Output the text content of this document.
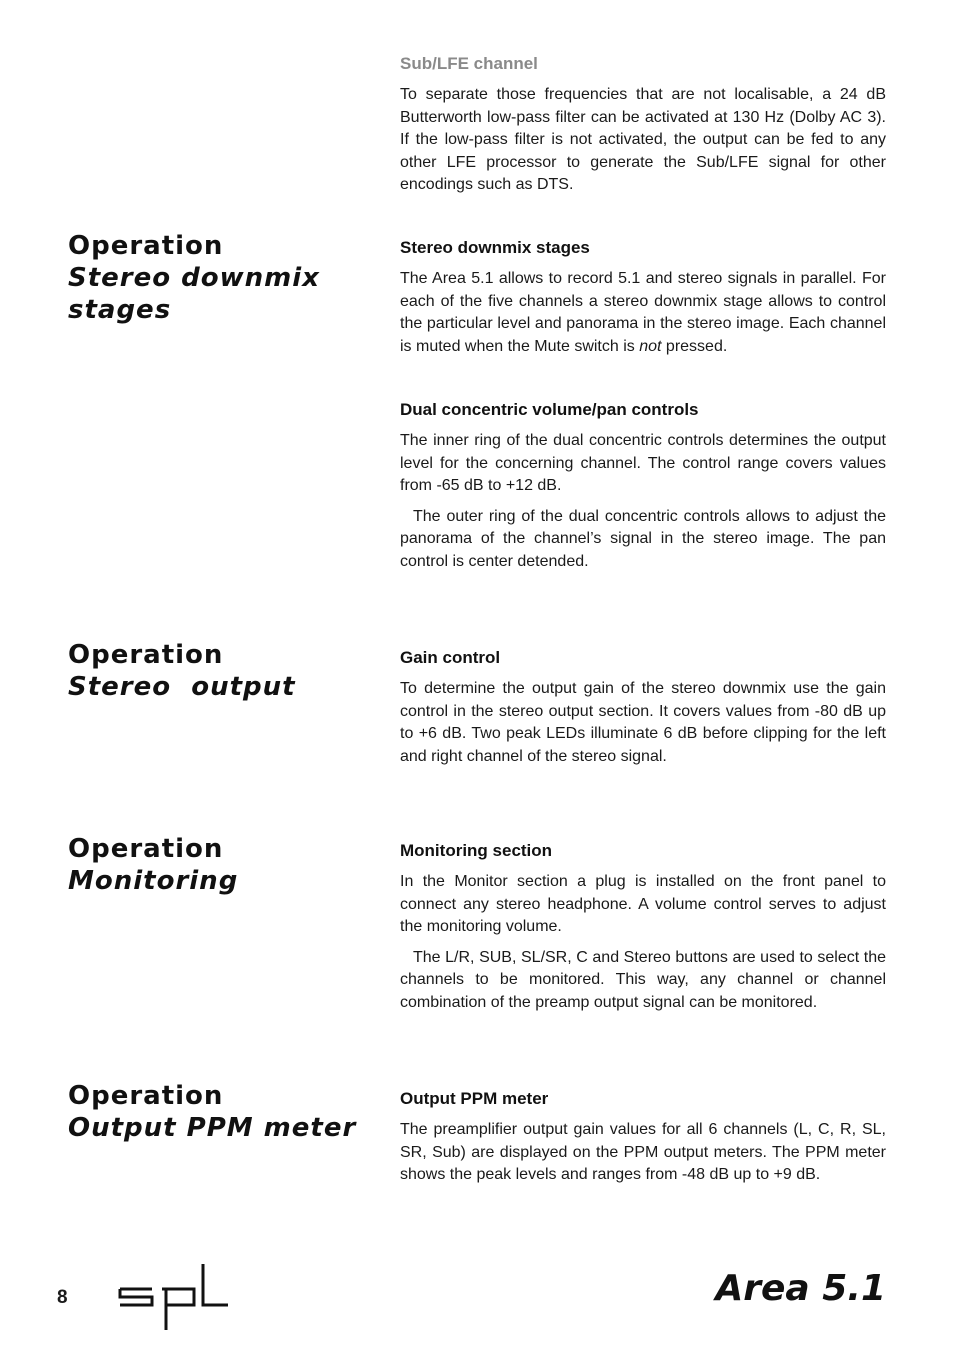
Sub/LFE channel

To separate those frequencies that are not localisable, a 24 dB Butterworth low-pass filter can be activated at 130 Hz (Dolby AC 3). If the low-pass filter is not activated, the output can be fed to any other LFE processor to generate the Sub/LFE signal for other encodings such as DTS.

Operation
Stereo downmix stages
Stereo downmix stages

The Area 5.1 allows to record 5.1 and stereo signals in parallel. For each of the five channels a stereo downmix stage allows to control the particular level and panorama in the stereo image. Each channel is muted when the Mute switch is not pressed.

Dual concentric volume/pan controls

The inner ring of the dual concentric controls determines the output level for the concerning channel. The control range covers values from -65 dB to +12 dB.

The outer ring of the dual concentric controls allows to adjust the panorama of the channel’s signal in the stereo image. The pan control is center detended.

Operation
Stereo  output
Gain control

To determine the output gain of the stereo downmix use the gain control in the stereo output section. It covers values from -80 dB up to +6 dB. Two peak LEDs illuminate 6 dB before clipping for the left and right channel of the stereo signal.

Operation
Monitoring
Monitoring section

In the Monitor section a plug is installed on the front panel to connect any stereo headphone. A volume control serves to adjust the monitoring volume.

The L/R, SUB, SL/SR, C and Stereo buttons are used to select the channels to be monitored. This way, any channel or channel combination of the preamp output signal can be monitored.

Operation
Output PPM meter
Output PPM meter

The preamplifier output gain values for all 6 channels (L, C, R, SL, SR, Sub) are displayed on the PPM output meters. The PPM meter shows the peak levels and ranges from -48 dB up to +9 dB.

8	Area 5.1
